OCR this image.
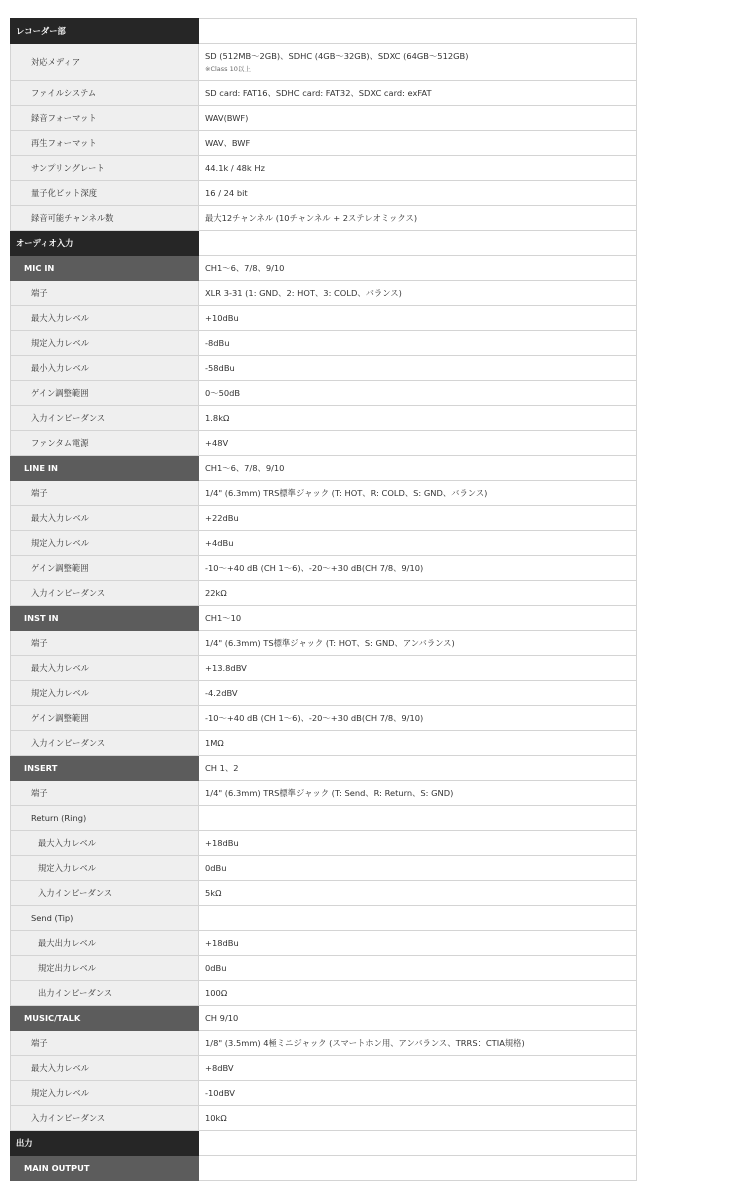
レコーダー部	
対応メディア	SD (512MB〜2GB)、SDHC (4GB〜32GB)、SDXC (64GB〜512GB)
※Class 10以上

ファイルシステム	SD card: FAT16、SDHC card: FAT32、SDXC card: exFAT
録音フォーマット	WAV(BWF)
再生フォーマット	WAV、BWF
サンプリングレート	44.1k / 48k Hz
量子化ビット深度	16 / 24 bit
録音可能チャンネル数	最大12チャンネル (10チャンネル + 2ステレオミックス)
オーディオ入力	
MIC IN	CH1〜6、7/8、9/10
端子	XLR 3-31 (1: GND、2: HOT、3: COLD、バランス)
最大入力レベル	+10dBu
規定入力レベル	-8dBu
最小入力レベル	-58dBu
ゲイン調整範囲	0〜50dB
入力インピーダンス	1.8kΩ
ファンタム電源	+48V
LINE IN	CH1〜6、7/8、9/10
端子	1/4" (6.3mm) TRS標準ジャック (T: HOT、R: COLD、S: GND、バランス)
最大入力レベル	+22dBu
規定入力レベル	+4dBu
ゲイン調整範囲	-10〜+40 dB (CH 1〜6)、-20〜+30 dB(CH 7/8、9/10)
入力インピーダンス	22kΩ
INST IN	CH1〜10
端子	1/4" (6.3mm) TS標準ジャック (T: HOT、S: GND、アンバランス)
最大入力レベル	+13.8dBV
規定入力レベル	-4.2dBV
ゲイン調整範囲	-10〜+40 dB (CH 1〜6)、-20〜+30 dB(CH 7/8、9/10)
入力インピーダンス	1MΩ
INSERT	CH 1、2
端子	1/4" (6.3mm) TRS標準ジャック (T: Send、R: Return、S: GND)
Return (Ring)	
最大入力レベル	+18dBu
規定入力レベル	0dBu
入力インピーダンス	5kΩ
Send (Tip)	
最大出力レベル	+18dBu
規定出力レベル	0dBu
出力インピーダンス	100Ω
MUSIC/TALK	CH 9/10
端子	1/8" (3.5mm) 4極ミニジャック (スマートホン用、アンバランス、TRRS：CTIA規格)
最大入力レベル	+8dBV
規定入力レベル	-10dBV
入力インピーダンス	10kΩ
出力	
MAIN OUTPUT	
